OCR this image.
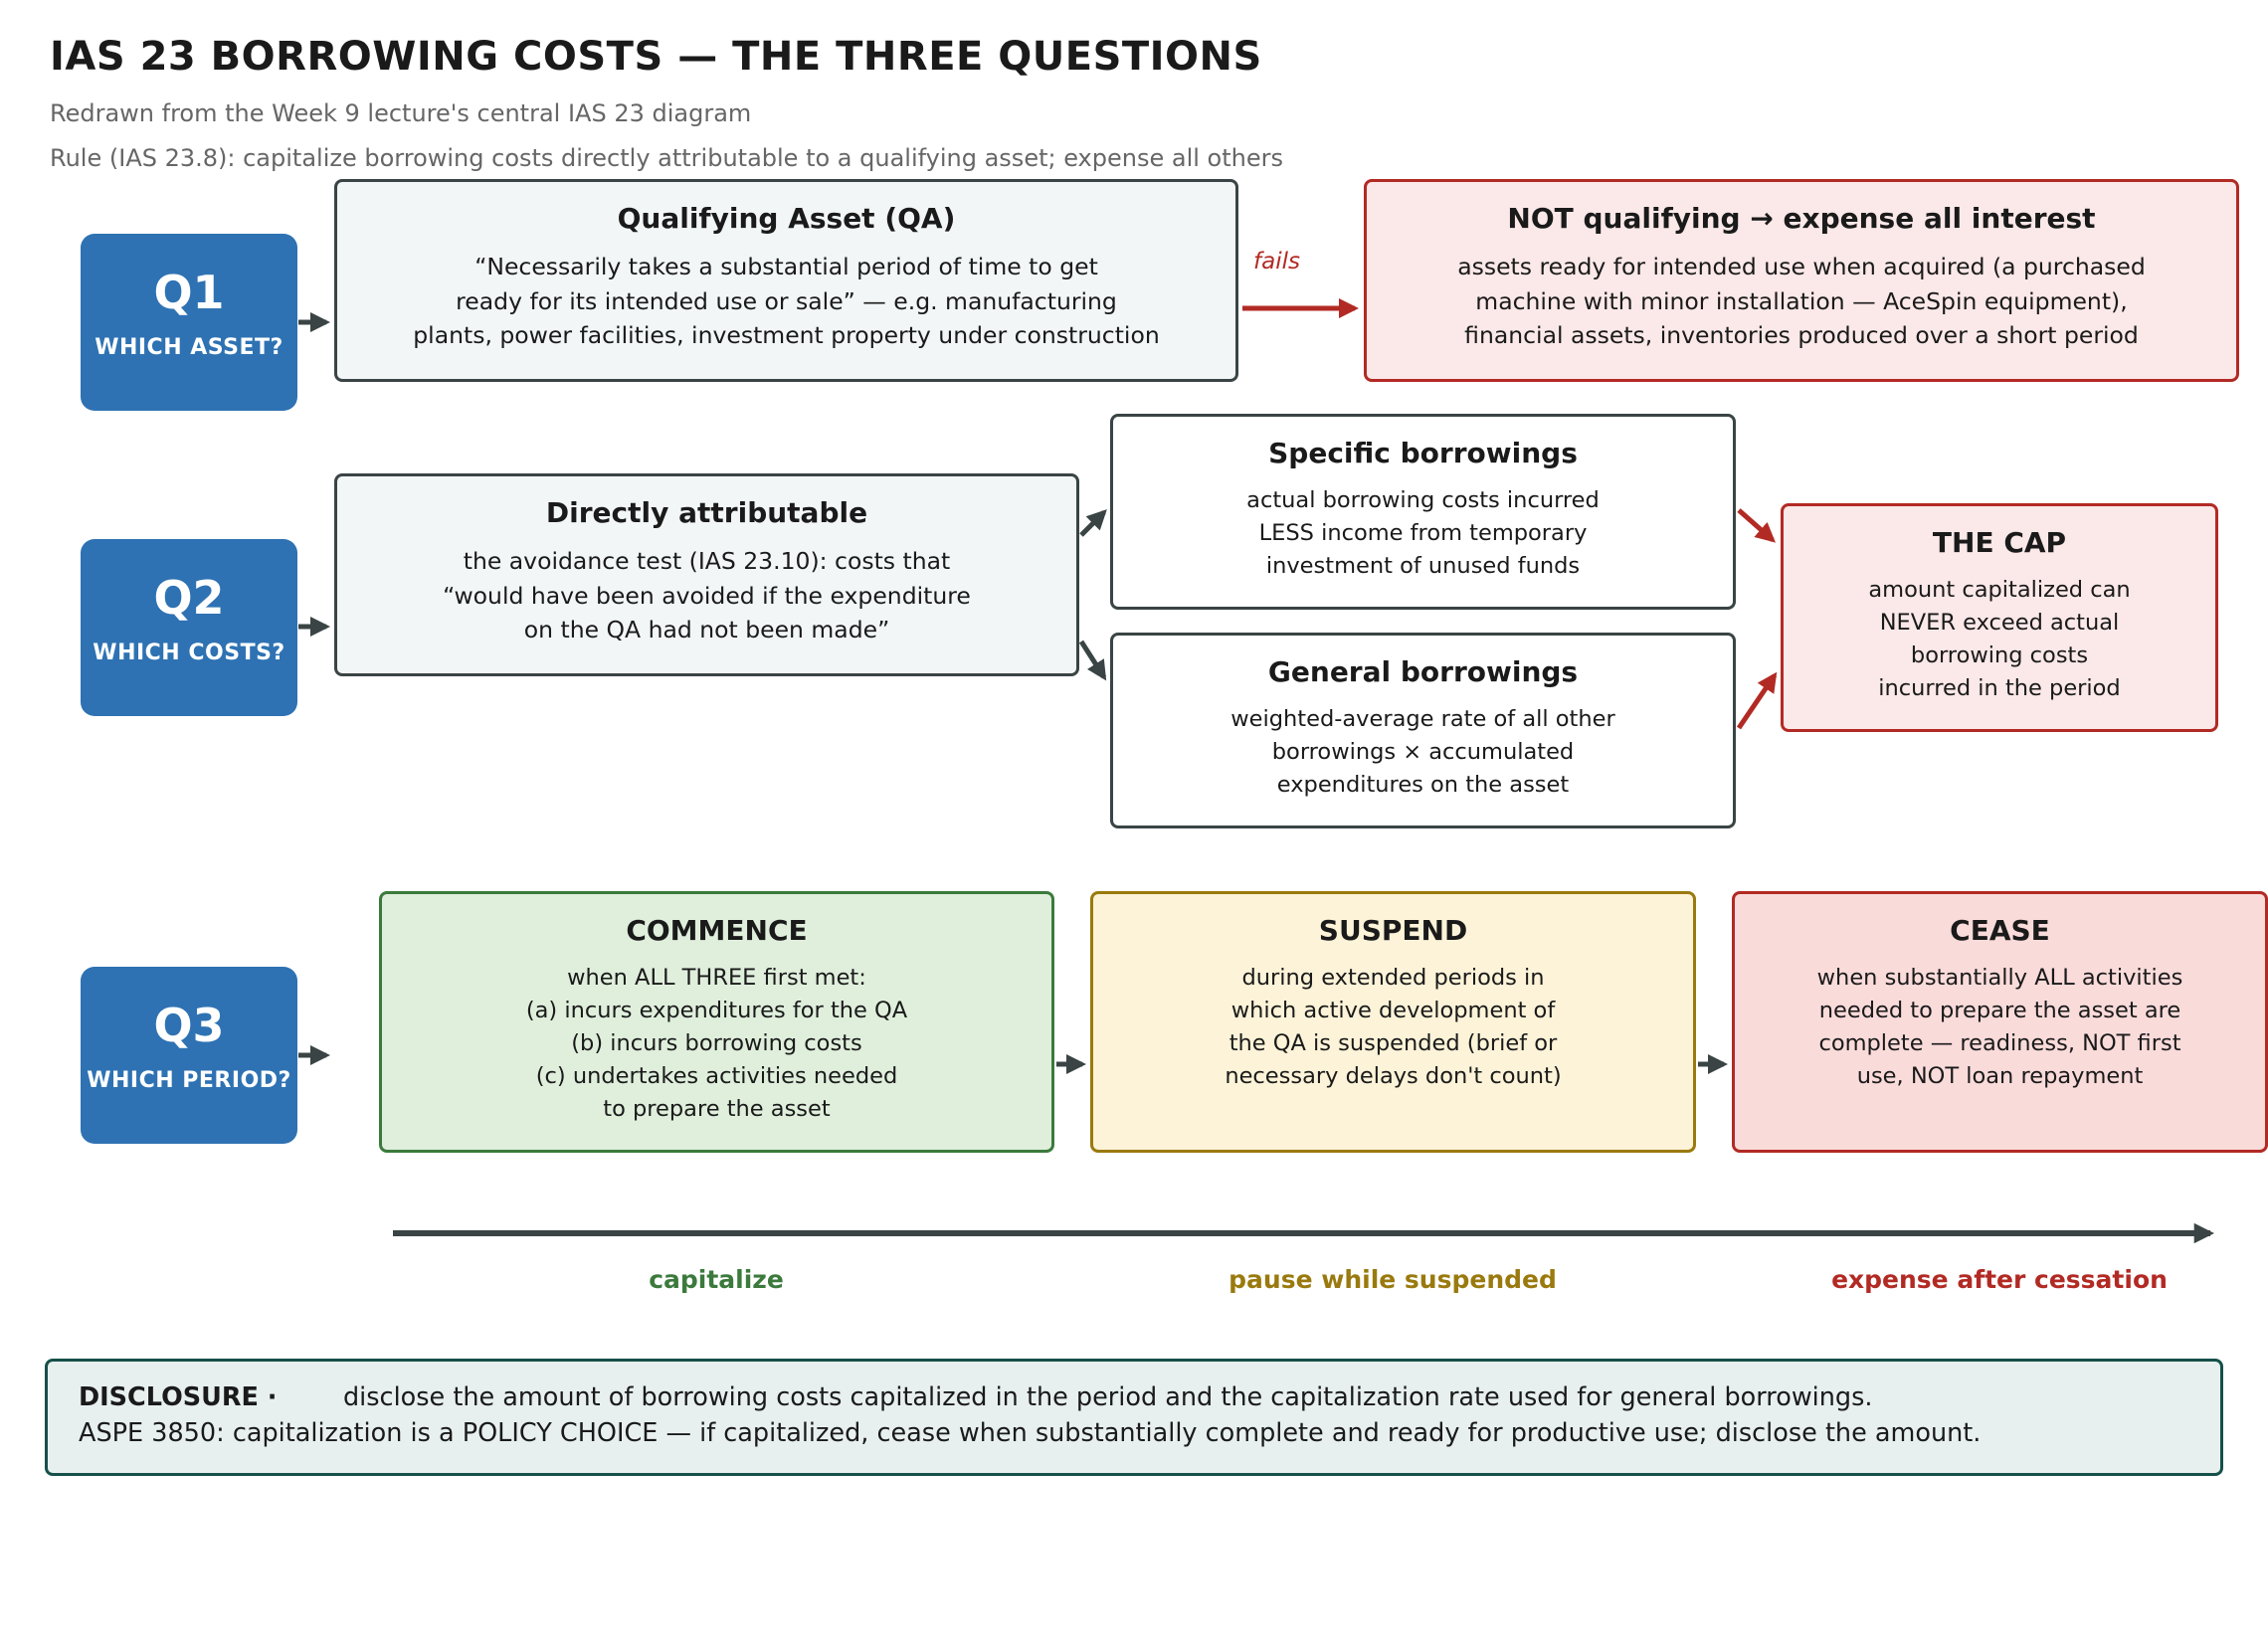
IAS 23 BORROWING COSTS — THE THREE QUESTIONS
Redrawn from the Week 9 lecture's central IAS 23 diagram
Rule (IAS 23.8): capitalize borrowing costs directly attributable to a qualifying asset; expense all others
Q1
WHICH ASSET?
Q2
WHICH COSTS?
Q3
WHICH PERIOD?
Qualifying Asset (QA)
“Necessarily takes a substantial period of time to get
ready for its intended use or sale” — e.g. manufacturing
plants, power facilities, investment property under construction
fails
NOT qualifying → expense all interest
assets ready for intended use when acquired (a purchased
machine with minor installation — AceSpin equipment),
financial assets, inventories produced over a short period
Directly attributable
the avoidance test (IAS 23.10): costs that
“would have been avoided if the expenditure
on the QA had not been made”
Specific borrowings
actual borrowing costs incurred
LESS income from temporary
investment of unused funds
General borrowings
weighted-average rate of all other
borrowings × accumulated
expenditures on the asset
THE CAP
amount capitalized can
NEVER exceed actual
borrowing costs
incurred in the period
COMMENCE
when ALL THREE first met:
(a) incurs expenditures for the QA
(b) incurs borrowing costs
(c) undertakes activities needed
to prepare the asset
SUSPEND
during extended periods in
which active development of
the QA is suspended (brief or
necessary delays don't count)
CEASE
when substantially ALL activities
needed to prepare the asset are
complete — readiness, NOT first
use, NOT loan repayment
capitalize	pause while suspended	expense after cessation
DISCLOSURE ·	disclose the amount of borrowing costs capitalized in the period and the capitalization rate used for general borrowings.
ASPE 3850: capitalization is a POLICY CHOICE — if capitalized, cease when substantially complete and ready for productive use; disclose the amount.
